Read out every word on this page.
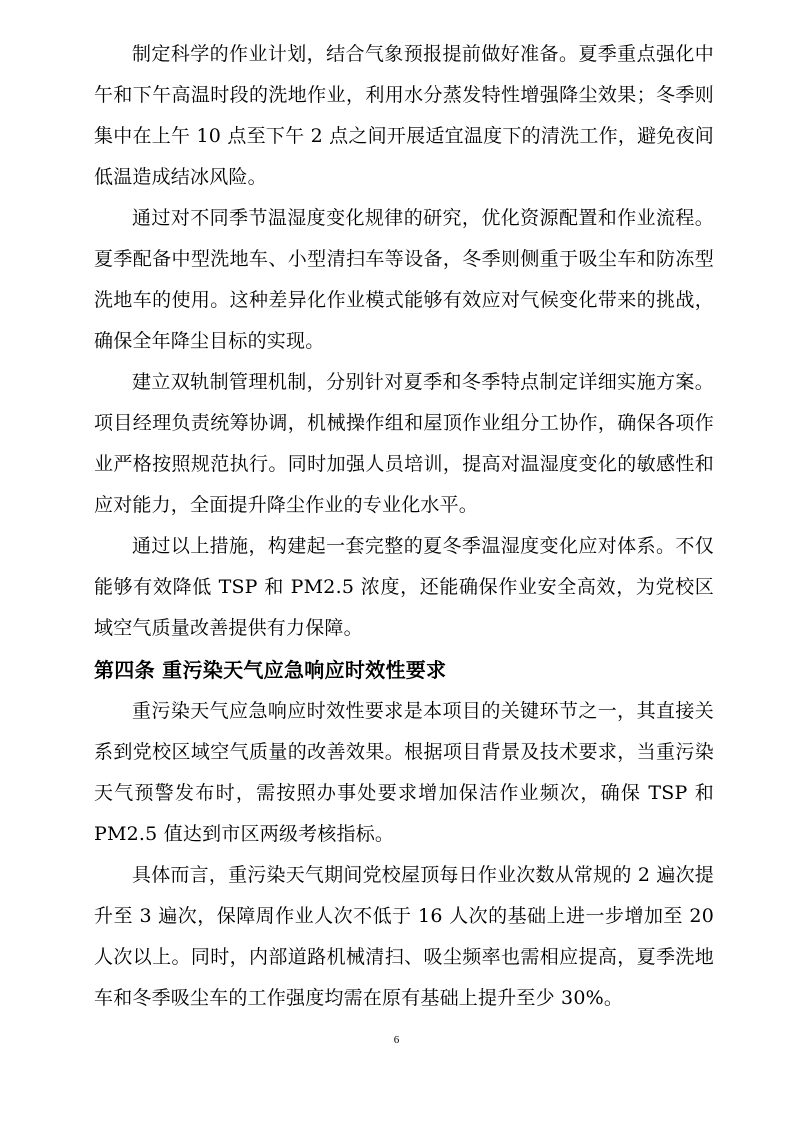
制定科学的作业计划，结合气象预报提前做好准备。夏季重点强化中午和下午高温时段的洗地作业，利用水分蒸发特性增强降尘效果；冬季则集中在上午 10 点至下午 2 点之间开展适宜温度下的清洗工作，避免夜间低温造成结冰风险。

通过对不同季节温湿度变化规律的研究，优化资源配置和作业流程。夏季配备中型洗地车、小型清扫车等设备，冬季则侧重于吸尘车和防冻型洗地车的使用。这种差异化作业模式能够有效应对气候变化带来的挑战，确保全年降尘目标的实现。

建立双轨制管理机制，分别针对夏季和冬季特点制定详细实施方案。项目经理负责统筹协调，机械操作组和屋顶作业组分工协作，确保各项作业严格按照规范执行。同时加强人员培训，提高对温湿度变化的敏感性和应对能力，全面提升降尘作业的专业化水平。

通过以上措施，构建起一套完整的夏冬季温湿度变化应对体系。不仅能够有效降低 TSP 和 PM2.5 浓度，还能确保作业安全高效，为党校区域空气质量改善提供有力保障。

第四条 重污染天气应急响应时效性要求

重污染天气应急响应时效性要求是本项目的关键环节之一，其直接关系到党校区域空气质量的改善效果。根据项目背景及技术要求，当重污染天气预警发布时，需按照办事处要求增加保洁作业频次，确保 TSP 和 PM2.5 值达到市区两级考核指标。

具体而言，重污染天气期间党校屋顶每日作业次数从常规的 2 遍次提升至 3 遍次，保障周作业人次不低于 16 人次的基础上进一步增加至 20 人次以上。同时，内部道路机械清扫、吸尘频率也需相应提高，夏季洗地车和冬季吸尘车的工作强度均需在原有基础上提升至少 30%。

6
